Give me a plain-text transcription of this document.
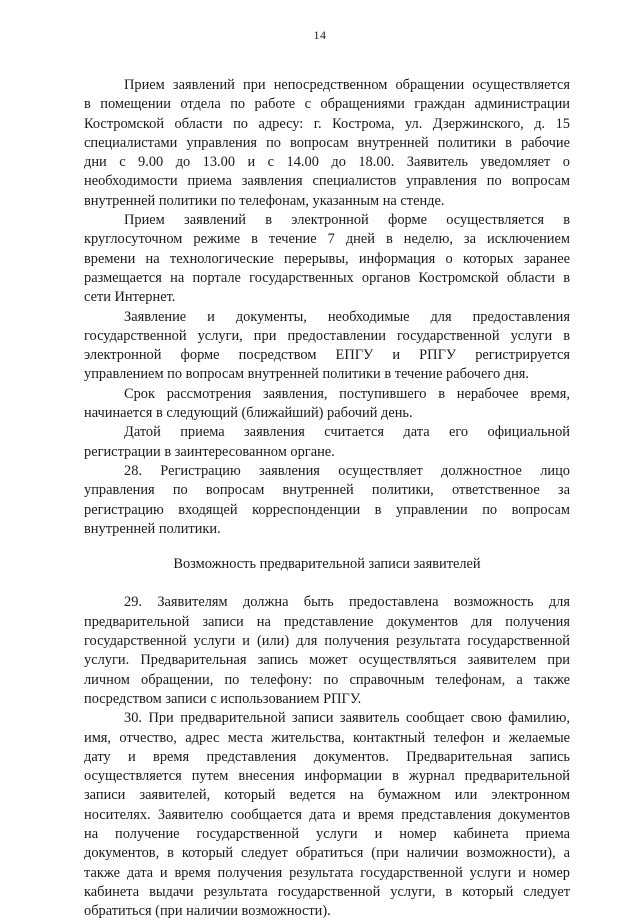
14
Прием заявлений при непосредственном обращении осуществляется
в помещении отдела по работе с обращениями граждан администрации
Костромской области по адресу: г. Кострома, ул. Дзержинского, д. 15
специалистами управления по вопросам внутренней политики в рабочие
дни с 9.00 до 13.00 и с 14.00 до 18.00. Заявитель уведомляет о
необходимости приема заявления специалистов управления по вопросам
внутренней политики по телефонам, указанным на стенде.
Прием заявлений в электронной форме осуществляется в
круглосуточном режиме в течение 7 дней в неделю, за исключением
времени на технологические перерывы, информация о которых заранее
размещается на портале государственных органов Костромской области в
сети Интернет.
Заявление и документы, необходимые для предоставления
государственной услуги, при предоставлении государственной услуги в
электронной форме посредством ЕПГУ и РПГУ регистрируется
управлением по вопросам внутренней политики в течение рабочего дня.
Срок рассмотрения заявления, поступившего в нерабочее время,
начинается в следующий (ближайший) рабочий день.
Датой приема заявления считается дата его официальной
регистрации в заинтересованном органе.
28. Регистрацию заявления осуществляет должностное лицо
управления по вопросам внутренней политики, ответственное за
регистрацию входящей корреспонденции в управлении по вопросам
внутренней политики.
Возможность предварительной записи заявителей
29. Заявителям должна быть предоставлена возможность для
предварительной записи на представление документов для получения
государственной услуги и (или) для получения результата государственной
услуги. Предварительная запись может осуществляться заявителем при
личном обращении, по телефону: по справочным телефонам, а также
посредством записи с использованием РПГУ.
30. При предварительной записи заявитель сообщает свою фамилию,
имя, отчество, адрес места жительства, контактный телефон и желаемые
дату и время представления документов. Предварительная запись
осуществляется путем внесения информации в журнал предварительной
записи заявителей, который ведется на бумажном или электронном
носителях. Заявителю сообщается дата и время представления документов
на получение государственной услуги и номер кабинета приема
документов, в который следует обратиться (при наличии возможности), а
также дата и время получения результата государственной услуги и номер
кабинета выдачи результата государственной услуги, в который следует
обратиться (при наличии возможности).
